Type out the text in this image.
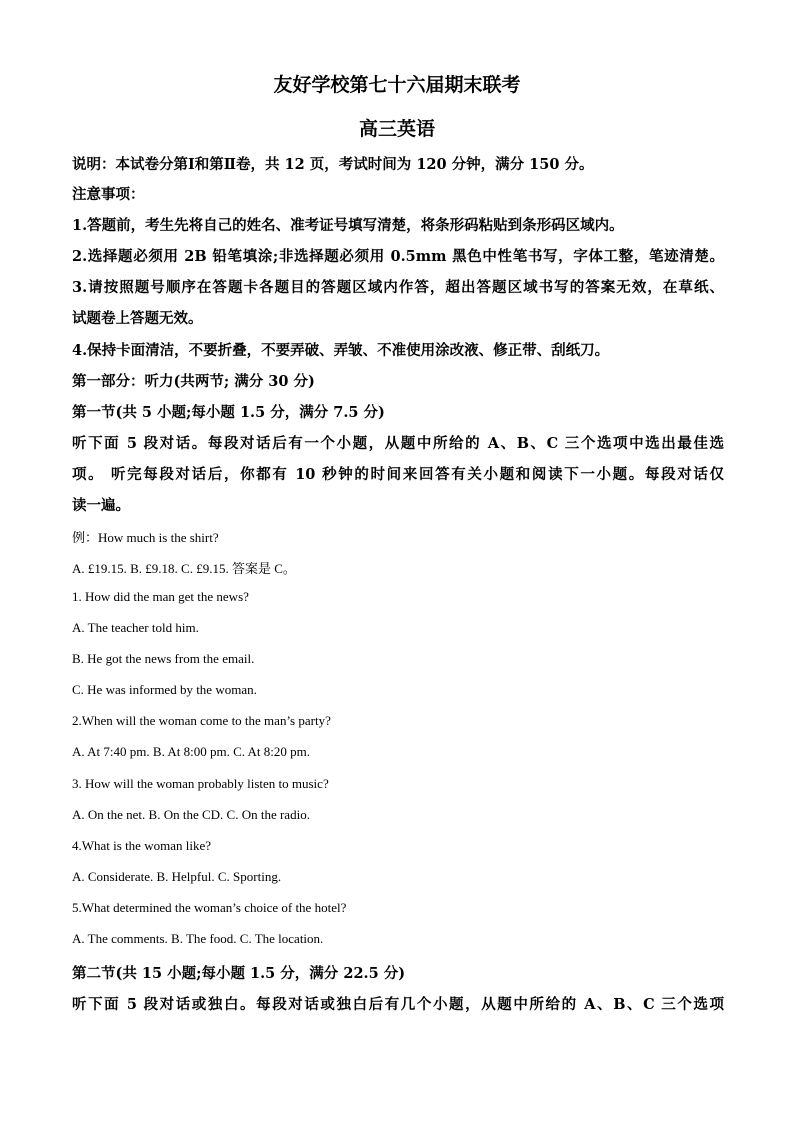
友好学校第七十六届期末联考
高三英语
说明：本试卷分第Ⅰ和第Ⅱ卷，共 12 页，考试时间为 120 分钟，满分 150 分。
注意事项：
1.答题前，考生先将自己的姓名、准考证号填写清楚，将条形码粘贴到条形码区域内。
2.选择题必须用 2B 铅笔填涂;非选择题必须用 0.5mm 黑色中性笔书写，字体工整，笔迹清楚。
3.请按照题号顺序在答题卡各题目的答题区域内作答，超出答题区域书写的答案无效，在草纸、
试题卷上答题无效。
4.保持卡面清洁，不要折叠，不要弄破、弄皱、不准使用涂改液、修正带、刮纸刀。
第一部分：听力(共两节; 满分 30 分)
第一节(共 5 小题;每小题 1.5 分，满分 7.5 分)
听下面 5 段对话。每段对话后有一个小题，从题中所给的 A、B、C 三个选项中选出最佳选
项。 听完每段对话后，你都有 10 秒钟的时间来回答有关小题和阅读下一小题。每段对话仅
读一遍。
例：How much is the shirt?
A. £19.15. B. £9.18. C. £9.15. 答案是 C。
1. How did the man get the news?
A. The teacher told him.
B. He got the news from the email.
C. He was informed by the woman.
2.When will the woman come to the man’s party?
A. At 7:40 pm. B. At 8:00 pm. C. At 8:20 pm.
3. How will the woman probably listen to music?
A. On the net. B. On the CD. C. On the radio.
4.What is the woman like?
A. Considerate. B. Helpful. C. Sporting.
5.What determined the woman’s choice of the hotel?
A. The comments. B. The food. C. The location.
第二节(共 15 小题;每小题 1.5 分，满分 22.5 分)
听下面 5 段对话或独白。每段对话或独白后有几个小题，从题中所给的 A、B、C 三个选项
